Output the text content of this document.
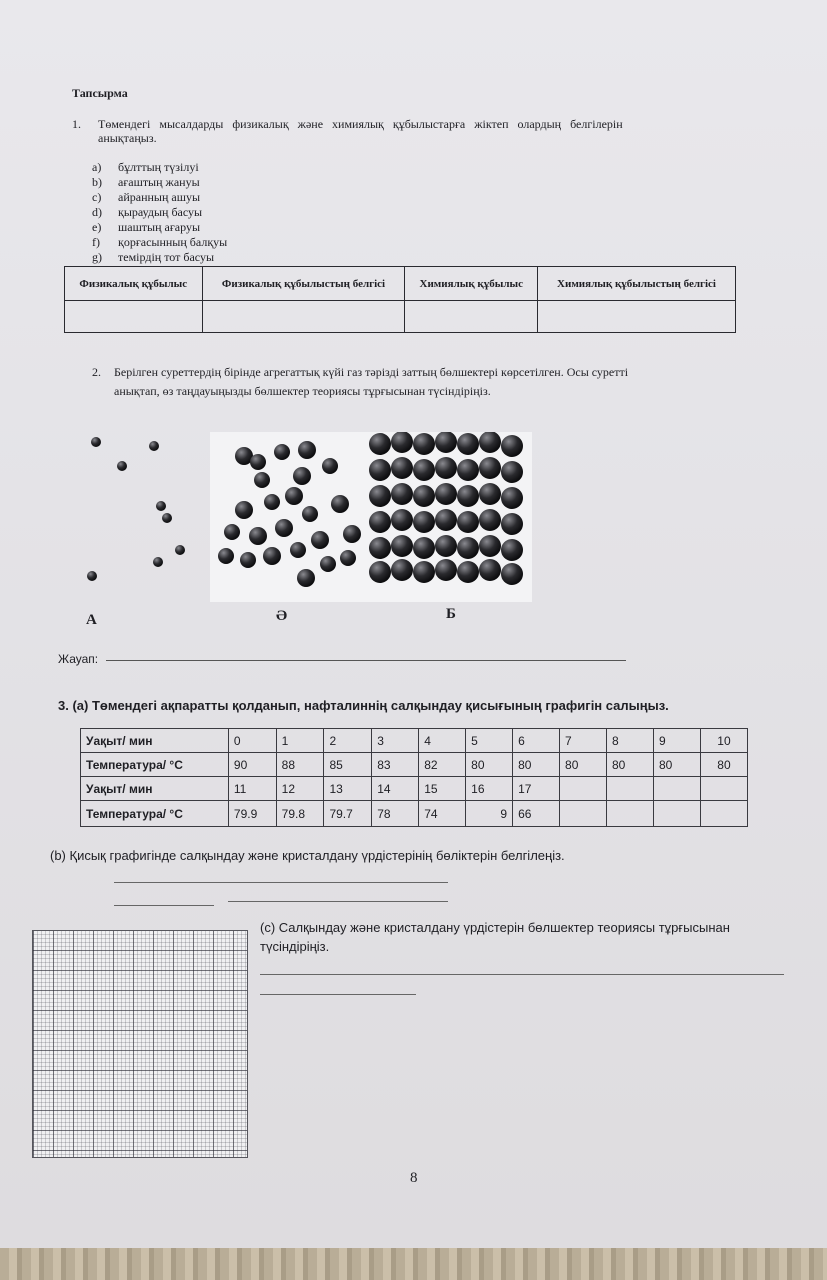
Тапсырма
1. Төмендегі мысалдарды физикалық және химиялық құбылыстарға жіктеп олардың белгілерін
анықтаңыз.
a)	бұлттың түзілуі
b)	ағаштың жануы
c)	айранның ашуы
d)	қыраудың басуы
e)	шаштың ағаруы
f)	қорғасынның балқуы
g)	темірдің тот басуы
Физикалық құбылыс	Физикалық құбылыстың белгісі	Химиялық құбылыс	Химиялық құбылыстың белгісі

2. Берілген суреттердің бірінде агрегаттық күйі газ тәрізді заттың бөлшектері көрсетілген. Осы суретті
анықтап, өз таңдауыңызды бөлшектер теориясы тұрғысынан түсіндіріңіз.
А	Ә	Б
Жауап:
3. (a) Төмендегі ақпаратты қолданып, нафталиннің салқындау қисығының графигін салыңыз.
Уақыт/ мин	0	1	2	3	4	5	6	7	8	9	10
Температура/ °C	90	88	85	83	82	80	80	80	80	80	80
Уақыт/ мин	11	12	13	14	15	16	17				
Температура/ °C	79.9	79.8	79.7	78	74	9	66				
(b) Қисық графигінде салқындау және кристалдану үрдістерінің бөліктерін белгілеңіз.
(c) Салқындау және кристалдану үрдістерін бөлшектер теориясы тұрғысынан түсіндіріңіз.
8
